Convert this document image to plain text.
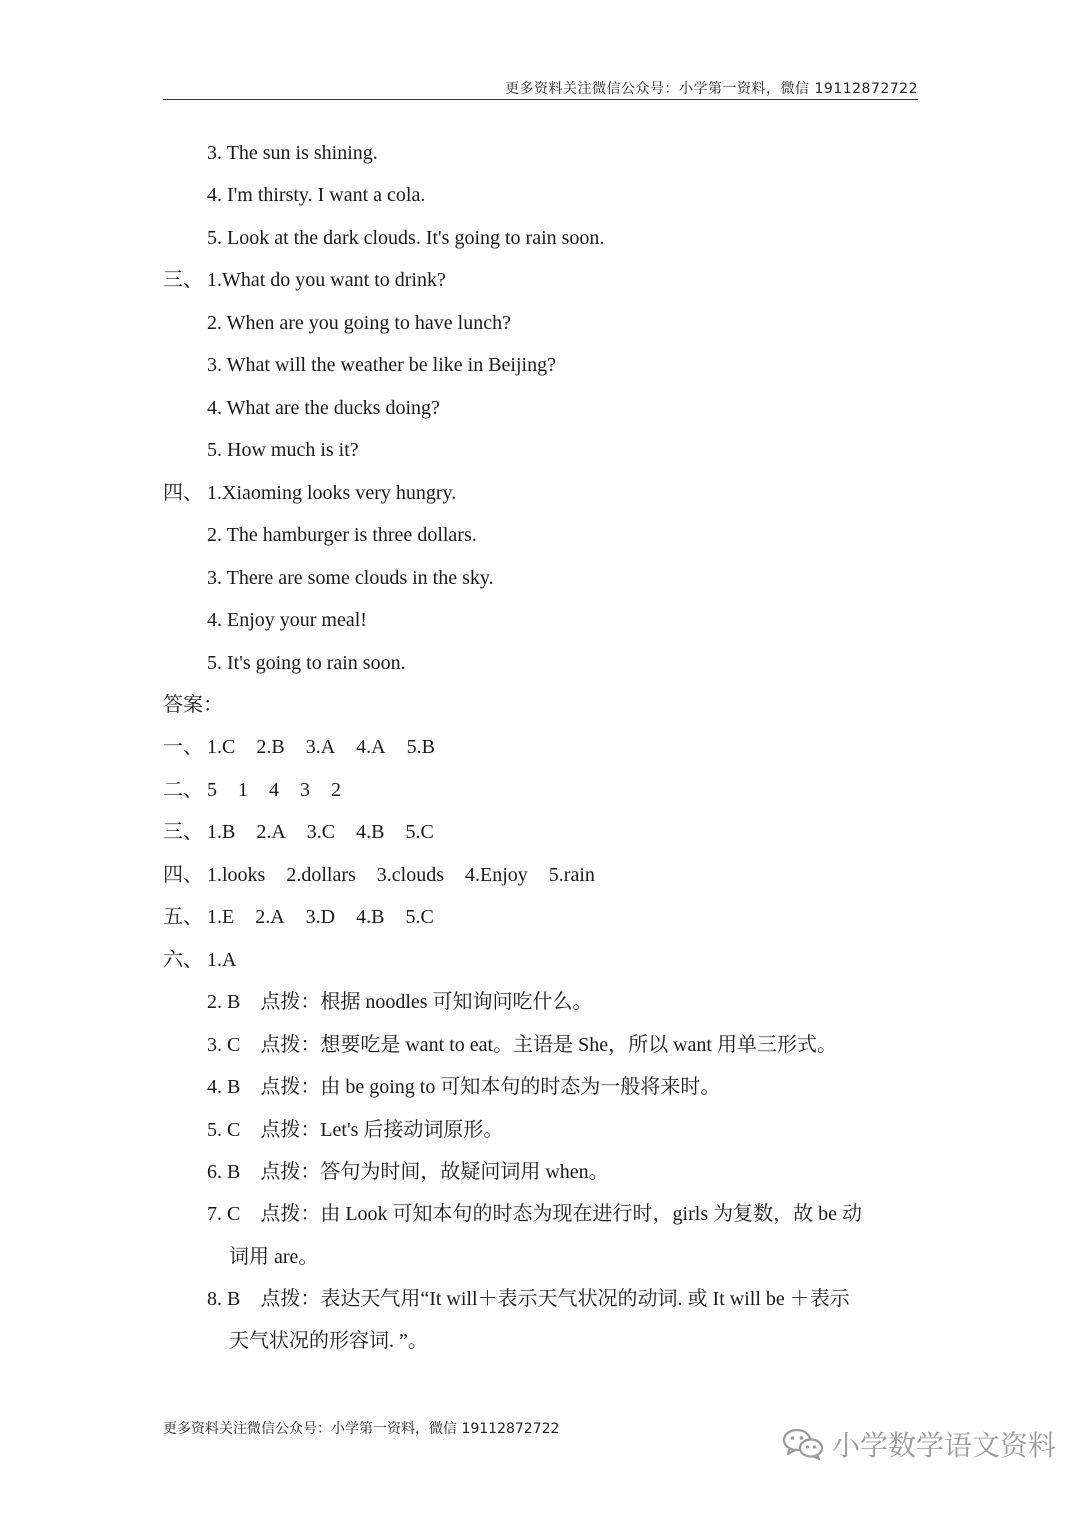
更多资料关注微信公众号：小学第一资料，微信 19112872722
3. The sun is shining.
4. I'm thirsty. I want a cola.
5. Look at the dark clouds. It's going to rain soon.
三、 1.What do you want to drink?
2. When are you going to have lunch?
3. What will the weather be like in Beijing?
4. What are the ducks doing?
5. How much is it?
四、 1.Xiaoming looks very hungry.
2. The hamburger is three dollars.
3. There are some clouds in the sky.
4. Enjoy your meal!
5. It's going to rain soon.
答案：
一、 1.C 2.B 3.A 4.A 5.B
二、 5 1 4 3 2
三、 1.B 2.A 3.C 4.B 5.C
四、 1.looks 2.dollars 3.clouds 4.Enjoy 5.rain
五、 1.E 2.A 3.D 4.B 5.C
六、 1.A
2. B　点拨：根据 noodles 可知询问吃什么。
3. C　点拨：想要吃是 want to eat。主语是 She，所以 want 用单三形式。
4. B　点拨：由 be going to 可知本句的时态为一般将来时。
5. C　点拨：Let's 后接动词原形。
6. B　点拨：答句为时间，故疑问词用 when。
7. C　点拨：由 Look 可知本句的时态为现在进行时，girls 为复数，故 be 动
词用 are。
8. B　点拨：表达天气用“It will＋表示天气状况的动词. 或 It will be ＋表示
天气状况的形容词. ”。
更多资料关注微信公众号：小学第一资料，微信 19112872722	小学数学语文资料
